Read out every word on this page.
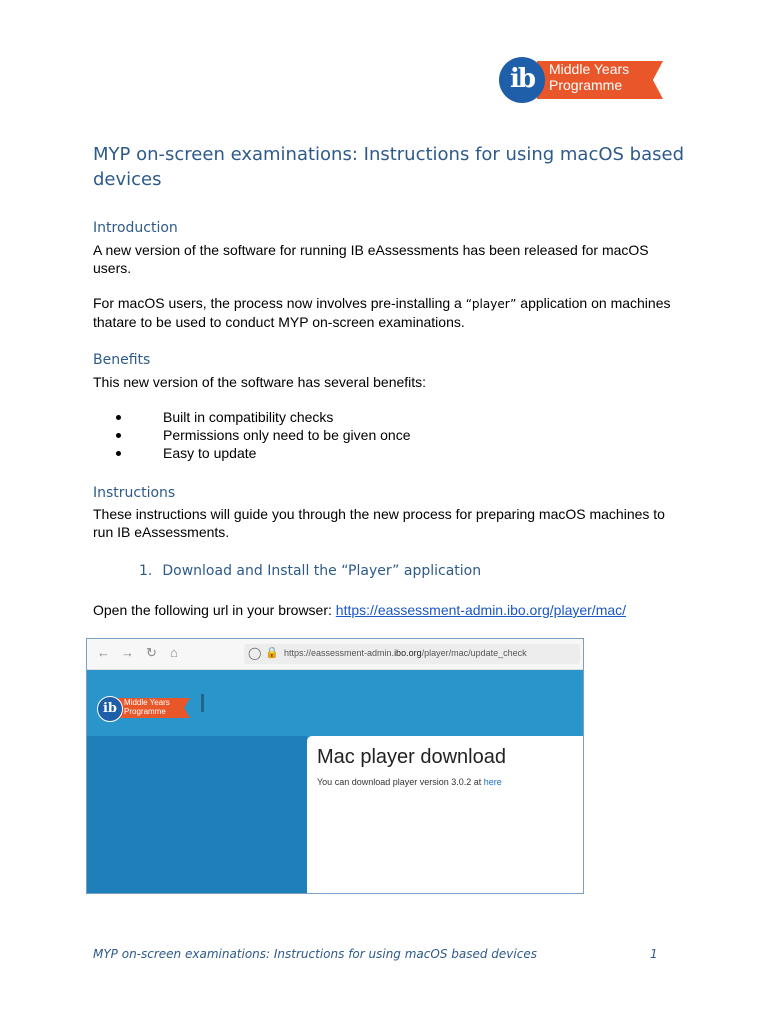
ib	Middle Years
Programme
MYP on-screen examinations: Instructions for using macOS based devices
Introduction
A new version of the software for running IB eAssessments has been released for macOS users.
For macOS users, the process now involves pre-installing a “player” application on machines thatare to be used to conduct MYP on-screen examinations.
Benefits
This new version of the software has several benefits:
Built in compatibility checks
Permissions only need to be given once
Easy to update
Instructions
These instructions will guide you through the new process for preparing macOS machines to run IB eAssessments.
1. Download and Install the “Player” application
Open the following url in your browser: https://eassessment-admin.ibo.org/player/mac/
← → ↻ ⌂	◯ 🔒 https://eassessment-admin.ibo.org/player/mac/update_check
ib Middle Years
Programme
Mac player download
You can download player version 3.0.2 at here
MYP on-screen examinations: Instructions for using macOS based devices	1
